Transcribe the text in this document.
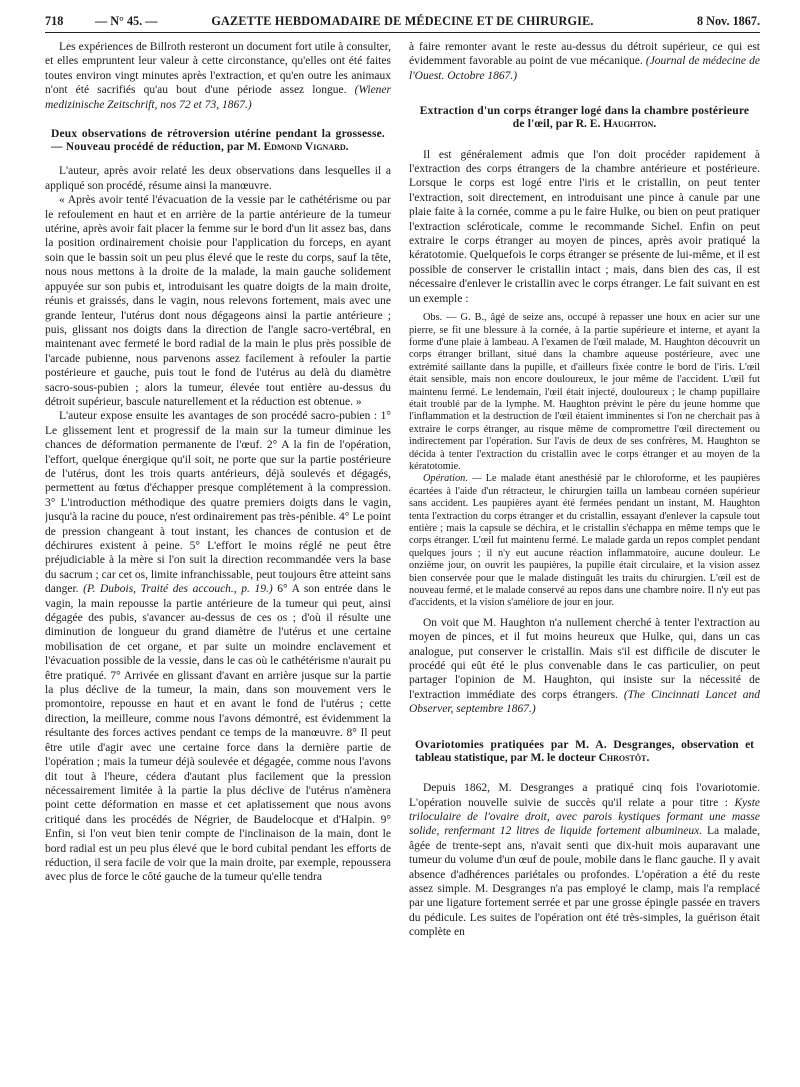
718	— N° 45. —	GAZETTE HEBDOMADAIRE DE MÉDECINE ET DE CHIRURGIE.	8 Nov. 1867.

Les expériences de Billroth resteront un document fort utile à consulter, et elles empruntent leur valeur à cette circonstance, qu'elles ont été faites toutes environ vingt minutes après l'extraction, et qu'en outre les animaux n'ont été sacrifiés qu'au bout d'une période assez longue. (Wiener medizinische Zeitschrift, nos 72 et 73, 1867.)

Deux observations de rétroversion utérine pendant la grossesse. — Nouveau procédé de réduction, par M. Edmond Vignard.

L'auteur, après avoir relaté les deux observations dans lesquelles il a appliqué son procédé, résume ainsi la manœuvre.

« Après avoir tenté l'évacuation de la vessie par le cathétérisme ou par le refoulement en haut et en arrière de la partie antérieure de la tumeur utérine, après avoir fait placer la femme sur le bord d'un lit assez bas, dans la position ordinairement choisie pour l'application du forceps, en ayant soin que le bassin soit un peu plus élevé que le reste du corps, sauf la tête, nous nous mettons à la droite de la malade, la main gauche solidement appuyée sur son pubis et, introduisant les quatre doigts de la main droite, réunis et graissés, dans le vagin, nous relevons fortement, mais avec une grande lenteur, l'utérus dont nous dégageons ainsi la partie antérieure ; puis, glissant nos doigts dans la direction de l'angle sacro-vertébral, en maintenant avec fermeté le bord radial de la main le plus près possible de l'arcade pubienne, nous parvenons assez facilement à refouler la partie postérieure et gauche, puis tout le fond de l'utérus au delà du diamètre sacro-sous-pubien ; alors la tumeur, élevée tout entière au-dessus du détroit supérieur, bascule naturellement et la réduction est obtenue. »

L'auteur expose ensuite les avantages de son procédé sacro-pubien : 1° Le glissement lent et progressif de la main sur la tumeur diminue les chances de déformation permanente de l'œuf. 2° A la fin de l'opération, l'effort, quelque énergique qu'il soit, ne porte que sur la partie postérieure de l'utérus, dont les trois quarts antérieurs, déjà soulevés et dégagés, permettent au fœtus d'échapper presque complétement à la compression. 3° L'introduction méthodique des quatre premiers doigts dans le vagin, jusqu'à la racine du pouce, n'est ordinairement pas très-pénible. 4° Le point de pression changeant à tout instant, les chances de contusion et de déchirures existent à peine. 5° L'effort le moins réglé ne peut être préjudiciable à la mère si l'on suit la direction recommandée vers la base du sacrum ; car cet os, limite infranchissable, peut toujours être atteint sans danger. (P. Dubois, Traité des accouch., p. 19.) 6° A son entrée dans le vagin, la main repousse la partie antérieure de la tumeur qui peut, ainsi dégagée des pubis, s'avancer au-dessus de ces os ; d'où il résulte une diminution de longueur du grand diamètre de l'utérus et une certaine mobilisation de cet organe, et par suite un moindre enclavement et l'évacuation possible de la vessie, dans le cas où le cathétérisme n'aurait pu être pratiqué. 7° Arrivée en glissant d'avant en arrière jusque sur la partie la plus déclive de la tumeur, la main, dans son mouvement vers le promontoire, repousse en haut et en avant le fond de l'utérus ; cette direction, la meilleure, comme nous l'avons démontré, est évidemment la résultante des forces actives pendant ce temps de la manœuvre. 8° Il peut être utile d'agir avec une certaine force dans la dernière partie de l'opération ; mais la tumeur déjà soulevée et dégagée, comme nous l'avons dit tout à l'heure, cédera d'autant plus facilement que la pression nécessairement limitée à la partie la plus déclive de l'utérus n'amènera point cette déformation en masse et cet aplatissement que nous avons critiqué dans les procédés de Négrier, de Baudelocque et d'Halpin. 9° Enfin, si l'on veut bien tenir compte de l'inclinaison de la main, dont le bord radial est un peu plus élevé que le bord cubital pendant les efforts de réduction, il sera facile de voir que la main droite, par exemple, repoussera avec plus de force le côté gauche de la tumeur qu'elle tendra

à faire remonter avant le reste au-dessus du détroit supérieur, ce qui est évidemment favorable au point de vue mécanique. (Journal de médecine de l'Ouest. Octobre 1867.)

Extraction d'un corps étranger logé dans la chambre postérieure de l'œil, par R. E. Haughton.

Il est généralement admis que l'on doit procéder rapidement à l'extraction des corps étrangers de la chambre antérieure et postérieure. Lorsque le corps est logé entre l'iris et le cristallin, on peut tenter l'extraction, soit directement, en introduisant une pince à canule par une plaie faite à la cornée, comme a pu le faire Hulke, ou bien on peut pratiquer l'extraction scléroticale, comme le recommande Sichel. Enfin on peut extraire le corps étranger au moyen de pinces, après avoir pratiqué la kératotomie. Quelquefois le corps étranger se présente de lui-même, et il est possible de conserver le cristallin intact ; mais, dans bien des cas, il est nécessaire d'enlever le cristallin avec le corps étranger. Le fait suivant en est un exemple :

Obs. — G. B., âgé de seize ans, occupé à repasser une houx en acier sur une pierre, se fit une blessure à la cornée, à la partie supérieure et interne, et ayant la forme d'une plaie à lambeau. A l'examen de l'œil malade, M. Haughton découvrit un corps étranger brillant, situé dans la chambre aqueuse postérieure, avec une extrémité saillante dans la pupille, et d'ailleurs fixée contre le bord de l'iris. L'œil était sensible, mais non encore douloureux, le jour même de l'accident. L'œil fut maintenu fermé. Le lendemain, l'œil était injecté, douloureux ; le champ pupillaire était troublé par de la lymphe. M. Haughton prévint le père du jeune homme que l'inflammation et la destruction de l'œil étaient imminentes si l'on ne cherchait pas à extraire le corps étranger, au risque même de compromettre l'œil directement ou indirectement par l'opération. Sur l'avis de deux de ses confrères, M. Haughton se décida à tenter l'extraction du cristallin avec le corps étranger et au moyen de la kératotomie.

Opération. — Le malade étant anesthésié par le chloroforme, et les paupières écartées à l'aide d'un rétracteur, le chirurgien tailla un lambeau cornéen supérieur sans accident. Les paupières ayant été fermées pendant un instant, M. Haughton tenta l'extraction du corps étranger et du cristallin, essayant d'enlever la capsule tout entière ; mais la capsule se déchira, et le cristallin s'échappa en même temps que le corps étranger. L'œil fut maintenu fermé. Le malade garda un repos complet pendant quelques jours ; il n'y eut aucune réaction inflammatoire, aucune douleur. Le onzième jour, on ouvrit les paupières, la pupille était circulaire, et la vision assez bien conservée pour que le malade distinguât les traits du chirurgien. L'œil est de nouveau fermé, et le malade conservé au repos dans une chambre noire. Il n'y eut pas d'accidents, et la vision s'améliore de jour en jour.

On voit que M. Haughton n'a nullement cherché à tenter l'extraction au moyen de pinces, et il fut moins heureux que Hulke, qui, dans un cas analogue, put conserver le cristallin. Mais s'il est difficile de discuter le procédé qui eût été le plus convenable dans le cas particulier, on peut partager l'opinion de M. Haughton, qui insiste sur la nécessité de l'extraction immédiate des corps étrangers. (The Cincinnati Lancet and Observer, septembre 1867.)

Ovariotomies pratiquées par M. A. Desgranges, observation et tableau statistique, par M. le docteur Chrostôt.

Depuis 1862, M. Desgranges a pratiqué cinq fois l'ovariotomie. L'opération nouvelle suivie de succès qu'il relate a pour titre : Kyste triloculaire de l'ovaire droit, avec parois kystiques formant une masse solide, renfermant 12 litres de liquide fortement albumineux. La malade, âgée de trente-sept ans, n'avait senti que dix-huit mois auparavant une tumeur du volume d'un œuf de poule, mobile dans le flanc gauche. Il y avait absence d'adhérences pariétales ou profondes. L'opération a été du reste assez simple. M. Desgranges n'a pas employé le clamp, mais l'a remplacé par une ligature fortement serrée et par une grosse épingle passée en travers du pédicule. Les suites de l'opération ont été très-simples, la guérison était complète en
